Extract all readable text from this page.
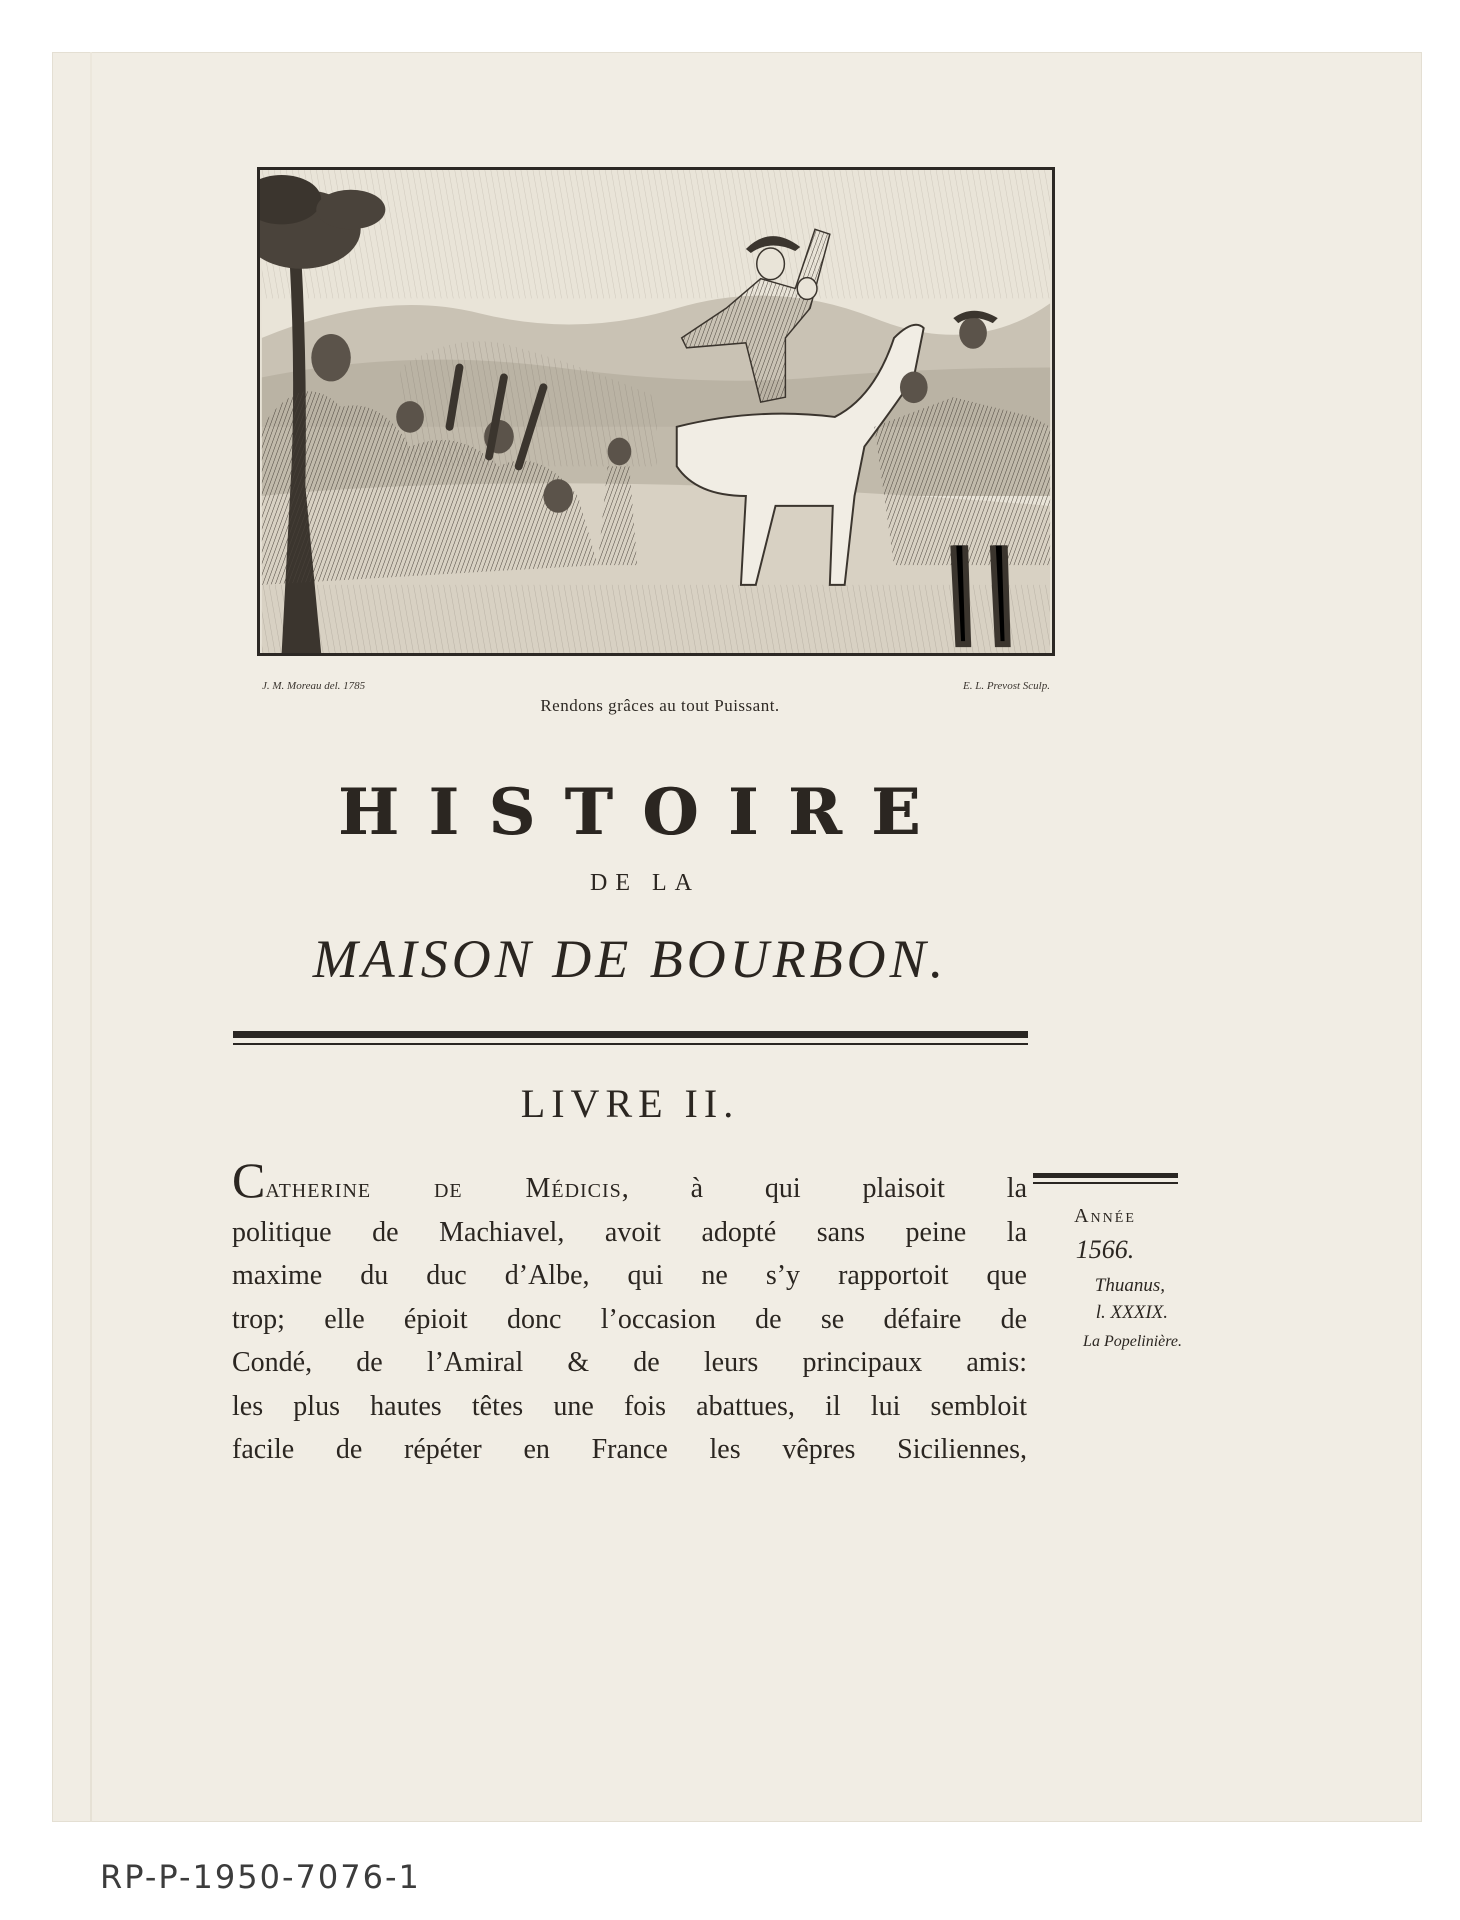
J. M. Moreau del. 1785	E. L. Prevost Sculp.
Rendons grâces au tout Puissant.
HISTOIRE
DE LA
MAISON DE BOURBON.
LIVRE II.
Catherine de Médicis, à qui plaisoit la
politique de Machiavel, avoit adopté sans peine la
maxime du duc d’Albe, qui ne s’y rapportoit que
trop; elle épioit donc l’occasion de se défaire de
Condé, de l’Amiral & de leurs principaux amis:
les plus hautes têtes une fois abattues, il lui sembloit
facile de répéter en France les vêpres Siciliennes,
Année
1566.
Thuanus,
l. XXXIX.
La Popelinière.
RP-P-1950-7076-1
